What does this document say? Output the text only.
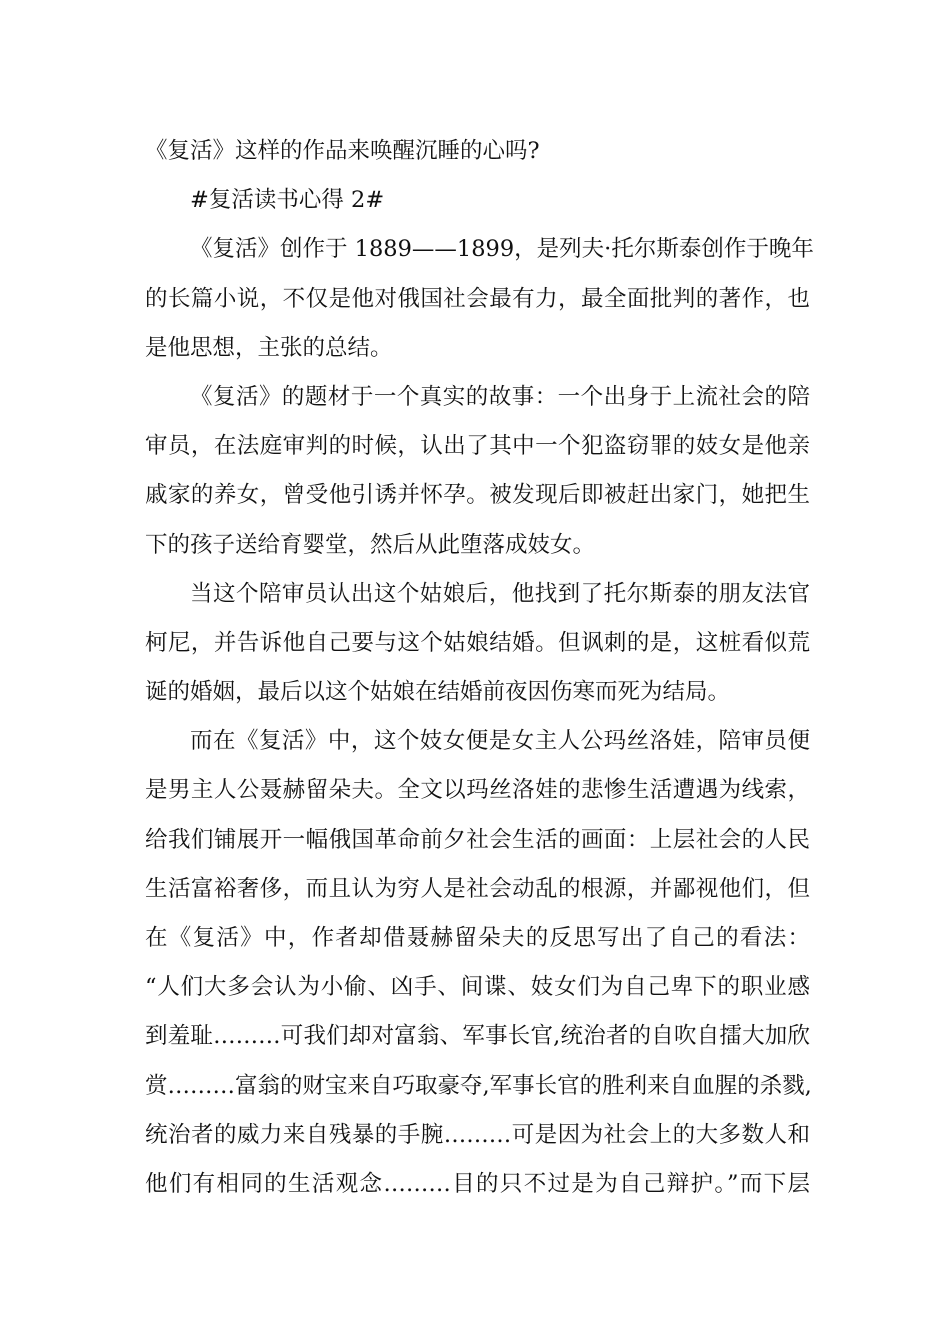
《复活》这样的作品来唤醒沉睡的心吗?
#复活读书心得 2#
《复活》创作于 1889——1899，是列夫·托尔斯泰创作于晚年
的长篇小说，不仅是他对俄国社会最有力，最全面批判的著作，也
是他思想，主张的总结。
《复活》的题材于一个真实的故事：一个出身于上流社会的陪
审员，在法庭审判的时候，认出了其中一个犯盗窃罪的妓女是他亲
戚家的养女，曾受他引诱并怀孕。被发现后即被赶出家门，她把生
下的孩子送给育婴堂，然后从此堕落成妓女。
当这个陪审员认出这个姑娘后，他找到了托尔斯泰的朋友法官
柯尼，并告诉他自己要与这个姑娘结婚。但讽刺的是，这桩看似荒
诞的婚姻，最后以这个姑娘在结婚前夜因伤寒而死为结局。
而在《复活》中，这个妓女便是女主人公玛丝洛娃，陪审员便
是男主人公聂赫留朵夫。全文以玛丝洛娃的悲惨生活遭遇为线索，
给我们铺展开一幅俄国革命前夕社会生活的画面：上层社会的人民
生活富裕奢侈，而且认为穷人是社会动乱的根源，并鄙视他们，但
在《复活》中，作者却借聂赫留朵夫的反思写出了自己的看法：
“人们大多会认为小偷、凶手、间谍、妓女们为自己卑下的职业感
到羞耻………可我们却对富翁、军事长官,统治者的自吹自擂大加欣
赏………富翁的财宝来自巧取豪夺,军事长官的胜利来自血腥的杀戮,
统治者的威力来自残暴的手腕………可是因为社会上的大多数人和
他们有相同的生活观念………目的只不过是为自己辩护。”而下层
